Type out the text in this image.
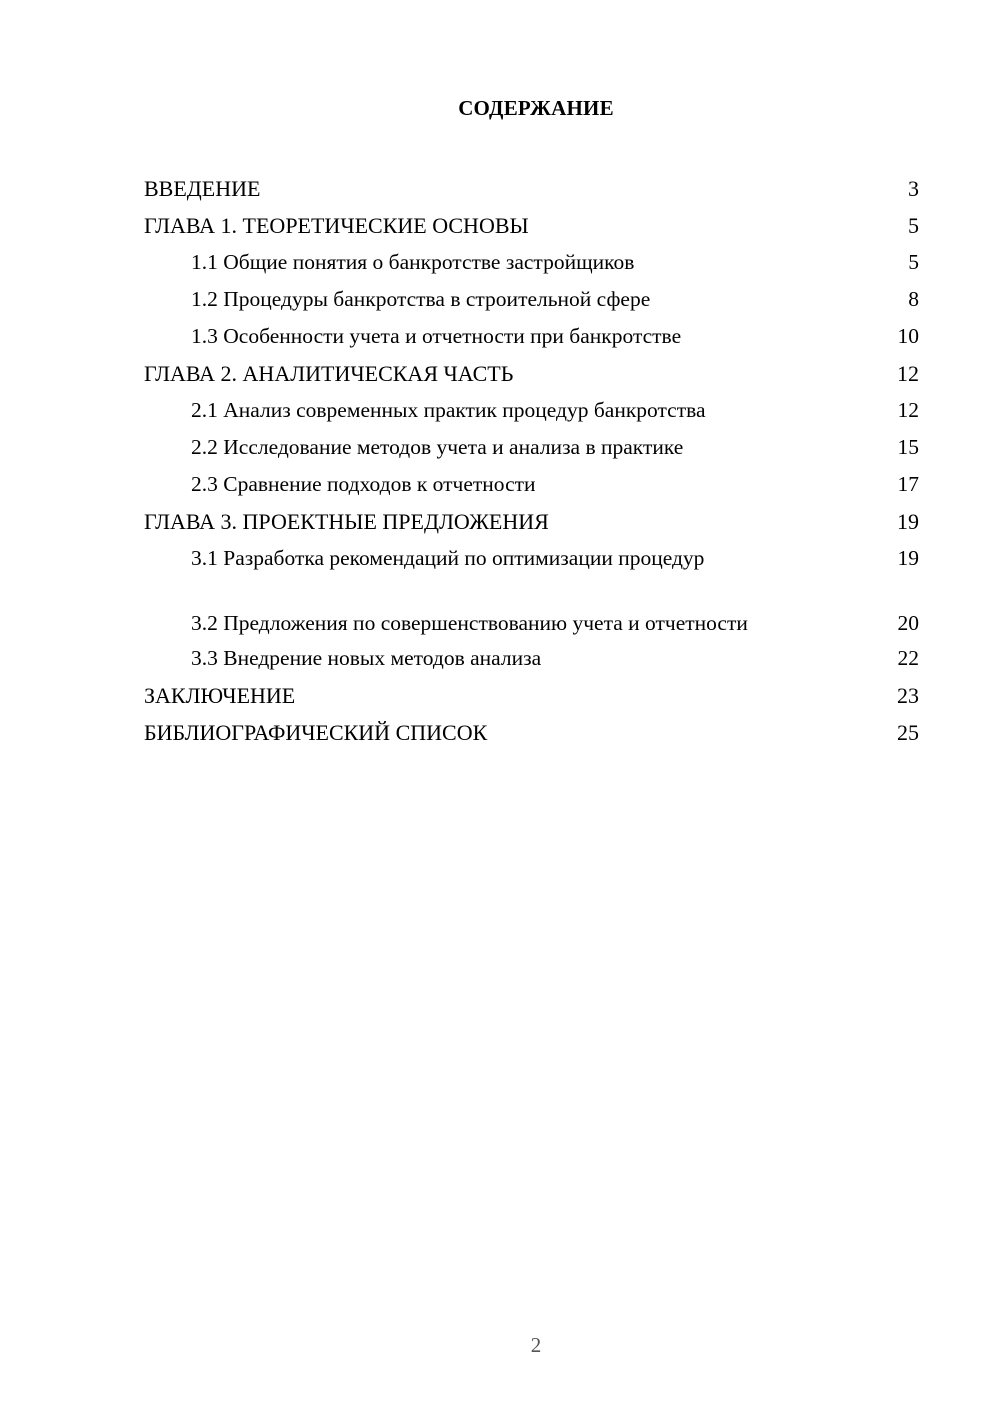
СОДЕРЖАНИЕ
ВВЕДЕНИЕ	3
ГЛАВА 1. ТЕОРЕТИЧЕСКИЕ ОСНОВЫ	5
1.1 Общие понятия о банкротстве застройщиков	5
1.2 Процедуры банкротства в строительной сфере	8
1.3 Особенности учета и отчетности при банкротстве	10
ГЛАВА 2. АНАЛИТИЧЕСКАЯ ЧАСТЬ	12
2.1 Анализ современных практик процедур банкротства	12
2.2 Исследование методов учета и анализа в практике	15
2.3 Сравнение подходов к отчетности	17
ГЛАВА 3. ПРОЕКТНЫЕ ПРЕДЛОЖЕНИЯ	19
3.1 Разработка рекомендаций по оптимизации процедур	19
3.2 Предложения по совершенствованию учета и отчетности	20
3.3 Внедрение новых методов анализа	22
ЗАКЛЮЧЕНИЕ	23
БИБЛИОГРАФИЧЕСКИЙ СПИСОК	25
2
